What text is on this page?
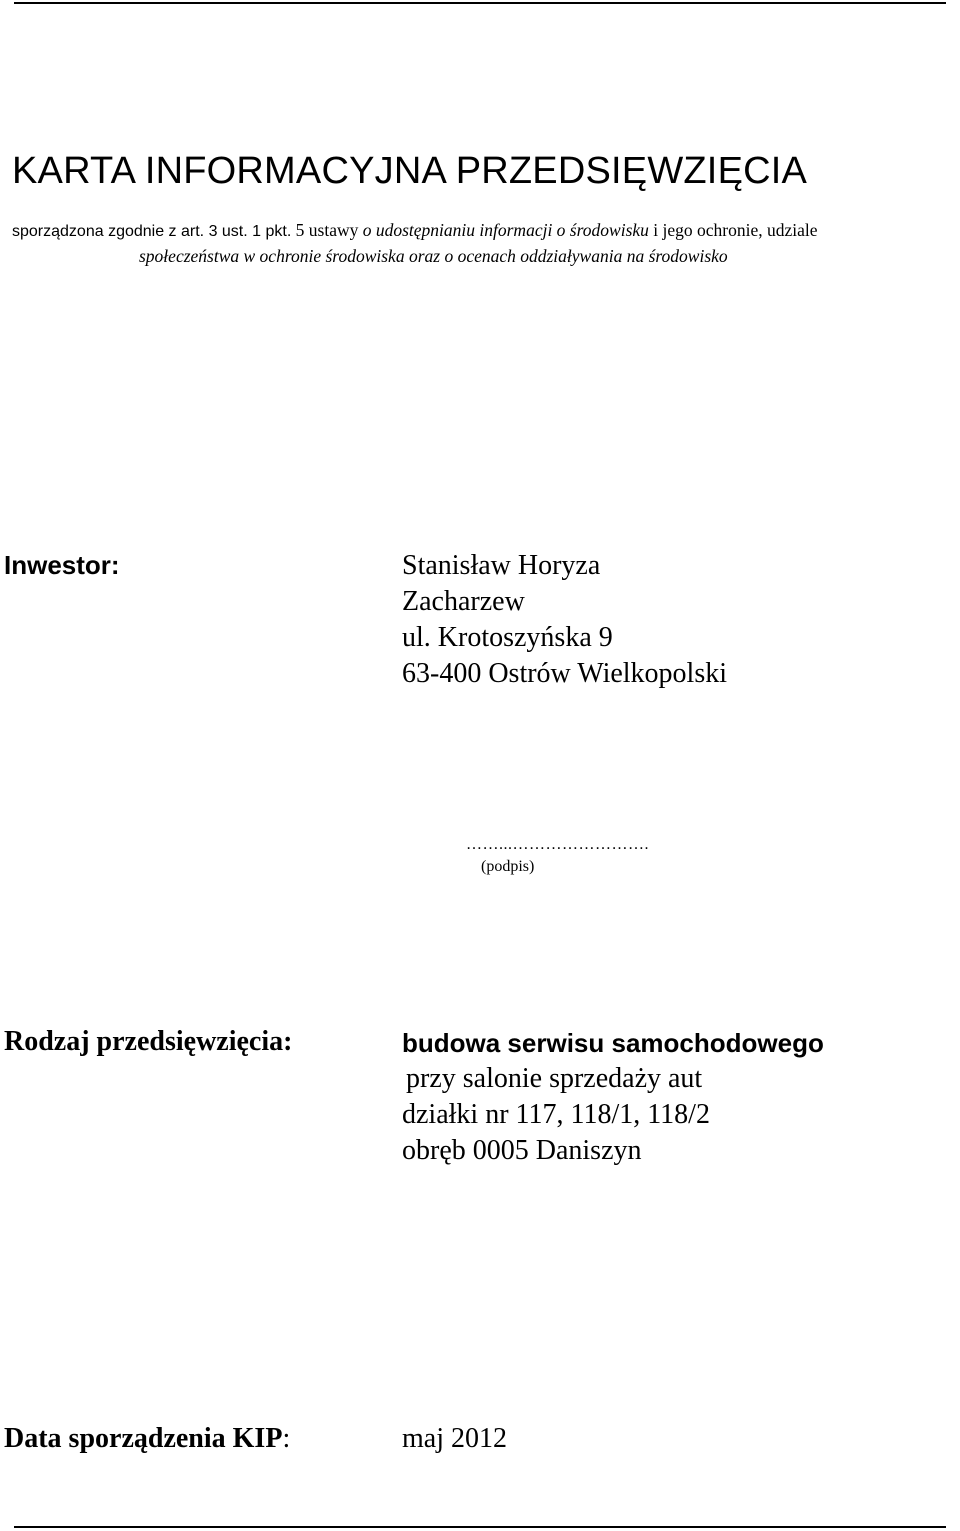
KARTA INFORMACYJNA PRZEDSIĘWZIĘCIA
sporządzona zgodnie z art. 3 ust. 1 pkt. 5 ustawy o udostępnianiu informacji o środowisku i jego ochronie, udziale
społeczeństwa w ochronie środowiska oraz o ocenach oddziaływania na środowisko
Inwestor:	Stanisław Horyza
Zacharzew
ul. Krotoszyńska 9
63-400 Ostrów Wielkopolski
……...…………………….
(podpis)
Rodzaj przedsięwzięcia:	budowa serwisu samochodowego
przy salonie sprzedaży aut
działki nr 117, 118/1, 118/2
obręb 0005 Daniszyn
Data sporządzenia KIP:	maj 2012
